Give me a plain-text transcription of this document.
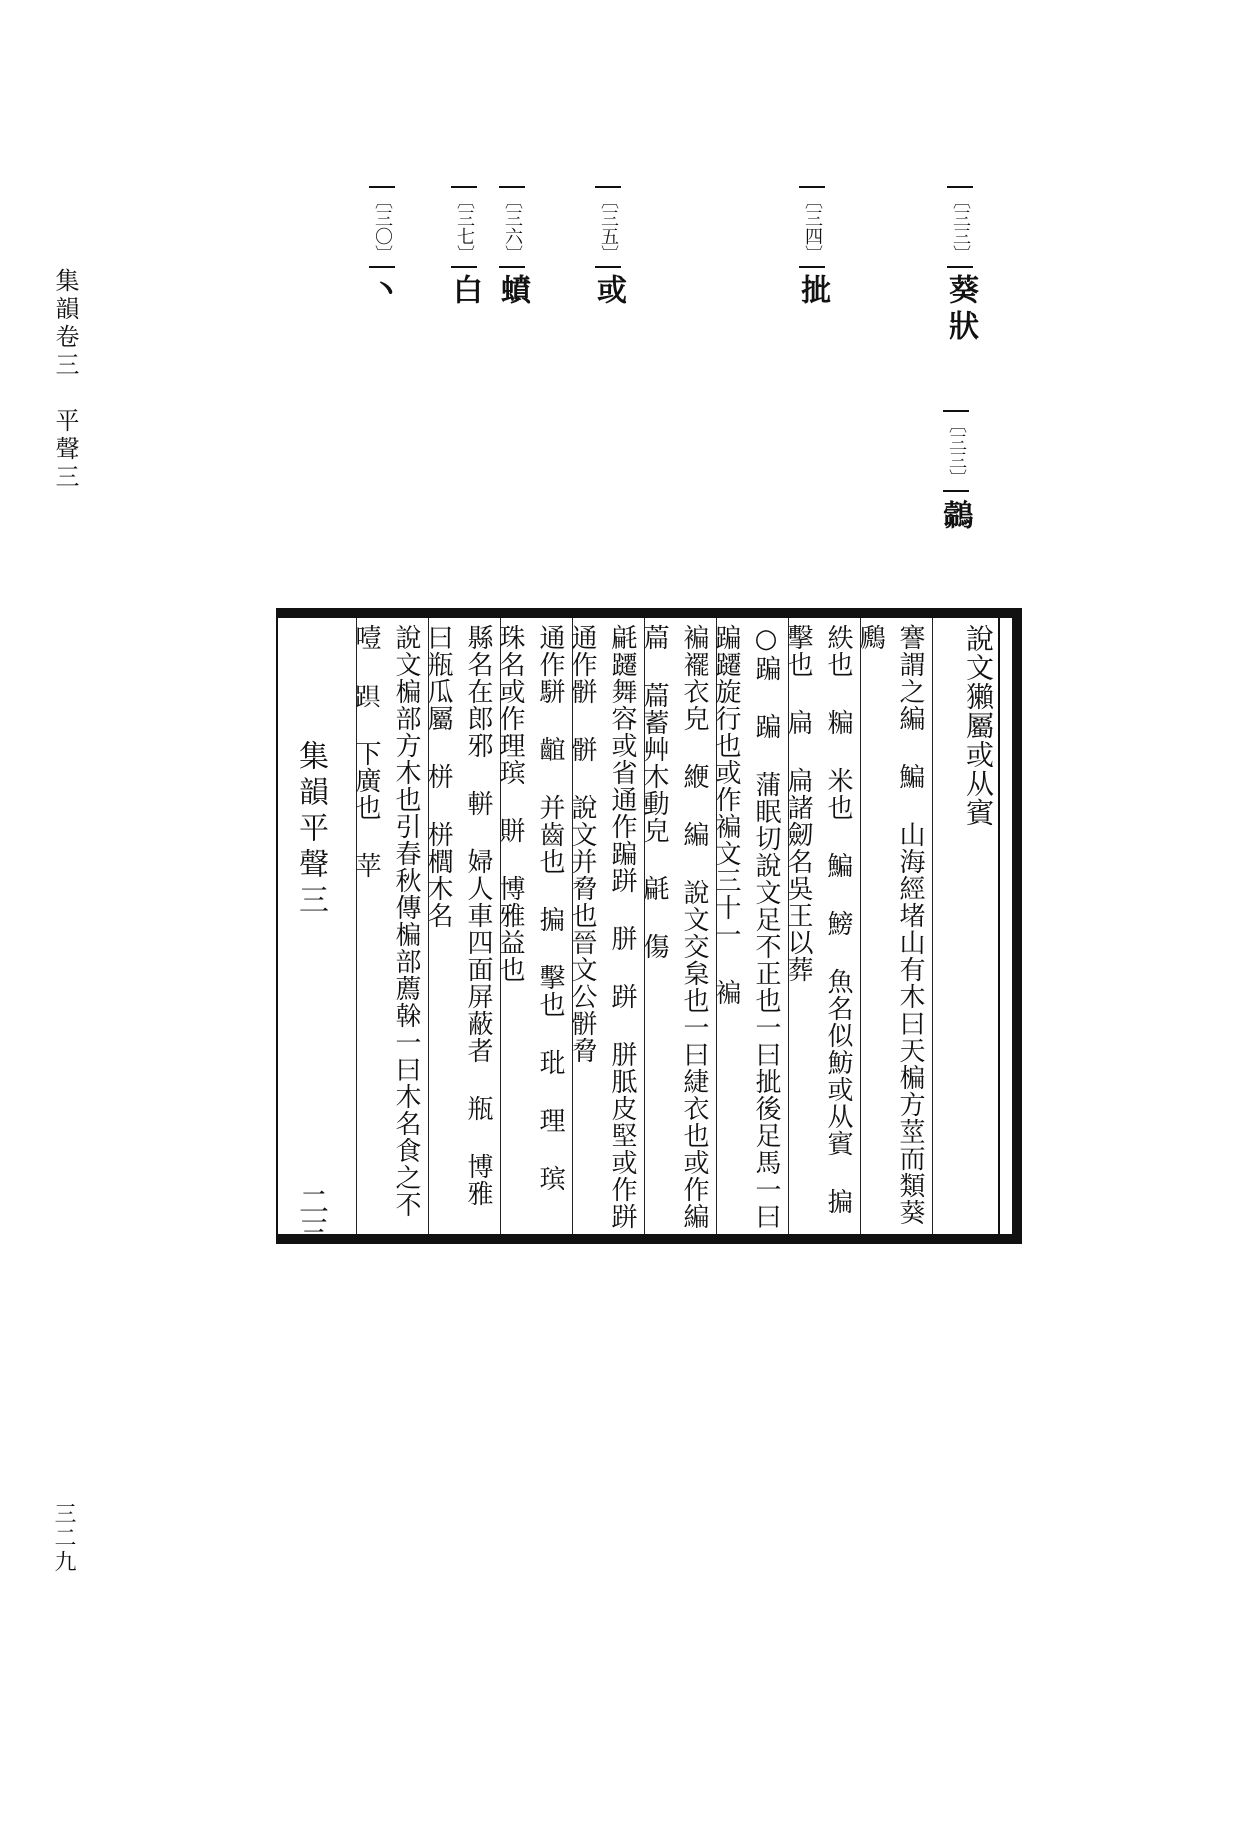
集韻卷三　平聲三
三二九
〔三三〕葵狀
〔三三〕𪄽
〔三四〕㧗
〔三五〕或
〔三六〕蟦
〔三七〕白
〔三〇〕丶
說文獺屬或从賓
謇謂之編 鯿 山海經堵山有木曰天楄方莖而類葵 鷉
紩也 糄 米也 鯿 鰟 魚名似魴或从賓 揙 擊也 扁 扁諸劒名吳王以葬
○蹁 蹁 蒲眠切說文足不正也一曰㧗後足馬一曰蹁躚旋行也或作褊文三十一 褊
褊襬衣皃 緶 編 說文交枲也一曰緁衣也或作編 萹 萹蓄艸木動皃 㲢 傷
㲢躚舞容或省通作蹁跰 胼 跰 胼胝皮堅或作跰通作骿 骿 說文并脅也晉文公骿脅
通作駢 𪘲 并齒也 揙 擊也 玭 理 瑸 珠名或作理瑸 賆 博雅益也
縣名在郎邪 軿 婦人車四面屏蔽者 瓶 博雅曰瓶瓜屬 栟 栟櫚木名
說文楄部方木也引春秋傳楄部薦榦一曰木名食之不噎 𨁺 下廣也 苹
集韻平聲三
二三
